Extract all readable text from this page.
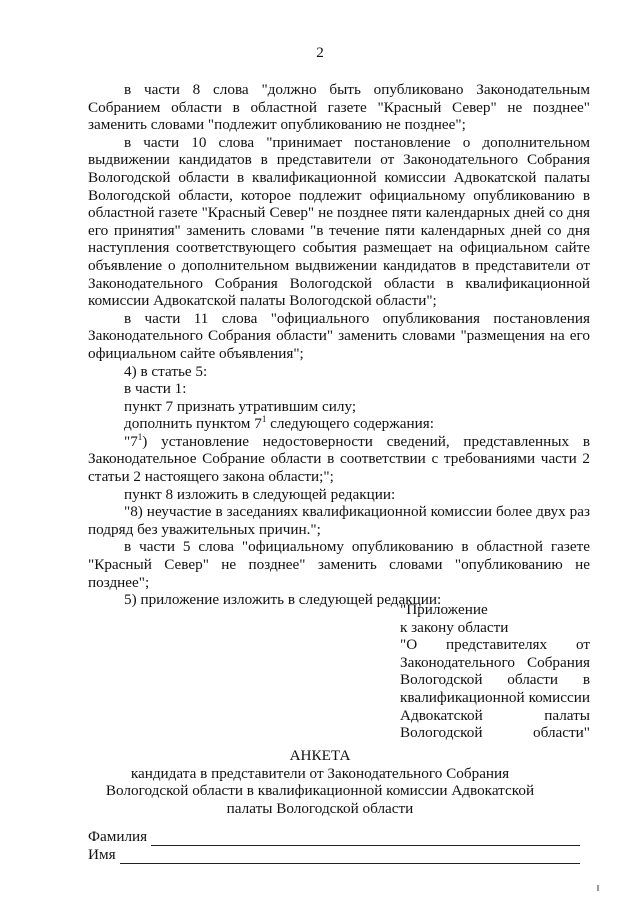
2

в части 8 слова "должно быть опубликовано Законодательным Собранием области в областной газете "Красный Север" не позднее" заменить словами "подлежит опубликованию не позднее";

в части 10 слова "принимает постановление о дополнительном выдвижении кандидатов в представители от Законодательного Собрания Вологодской области в квалификационной комиссии Адвокатской палаты Вологодской области, которое подлежит официальному опубликованию в областной газете "Красный Север" не позднее пяти календарных дней со дня его принятия" заменить словами "в течение пяти календарных дней со дня наступления соответствующего события размещает на официальном сайте объявление о дополнительном выдвижении кандидатов в представители от Законодательного Собрания Вологодской области в квалификационной комиссии Адвокатской палаты Вологодской области";

в части 11 слова "официального опубликования постановления Законодательного Собрания области" заменить словами "размещения на его официальном сайте объявления";

4) в статье 5:

в части 1:

пункт 7 признать утратившим силу;

дополнить пунктом $7^1$ следующего содержания:

"$7^1$) установление недостоверности сведений, представленных в Законодательное Собрание области в соответствии с требованиями части 2 статьи 2 настоящего закона области;";

пункт 8 изложить в следующей редакции:

"8) неучастие в заседаниях квалификационной комиссии более двух раз подряд без уважительных причин.";

в части 5 слова "официальному опубликованию в областной газете "Красный Север" не позднее" заменить словами "опубликованию не позднее";

5) приложение изложить в следующей редакции:

"Приложение

к закону области

"О представителях от Законодательного Собрания Вологодской области в квалификационной комиссии Адвокатской палаты Вологодской области"

АНКЕТА

кандидата в представители от Законодательного Собрания Вологодской области в квалификационной комиссии Адвокатской палаты Вологодской области

Фамилия
Имя
